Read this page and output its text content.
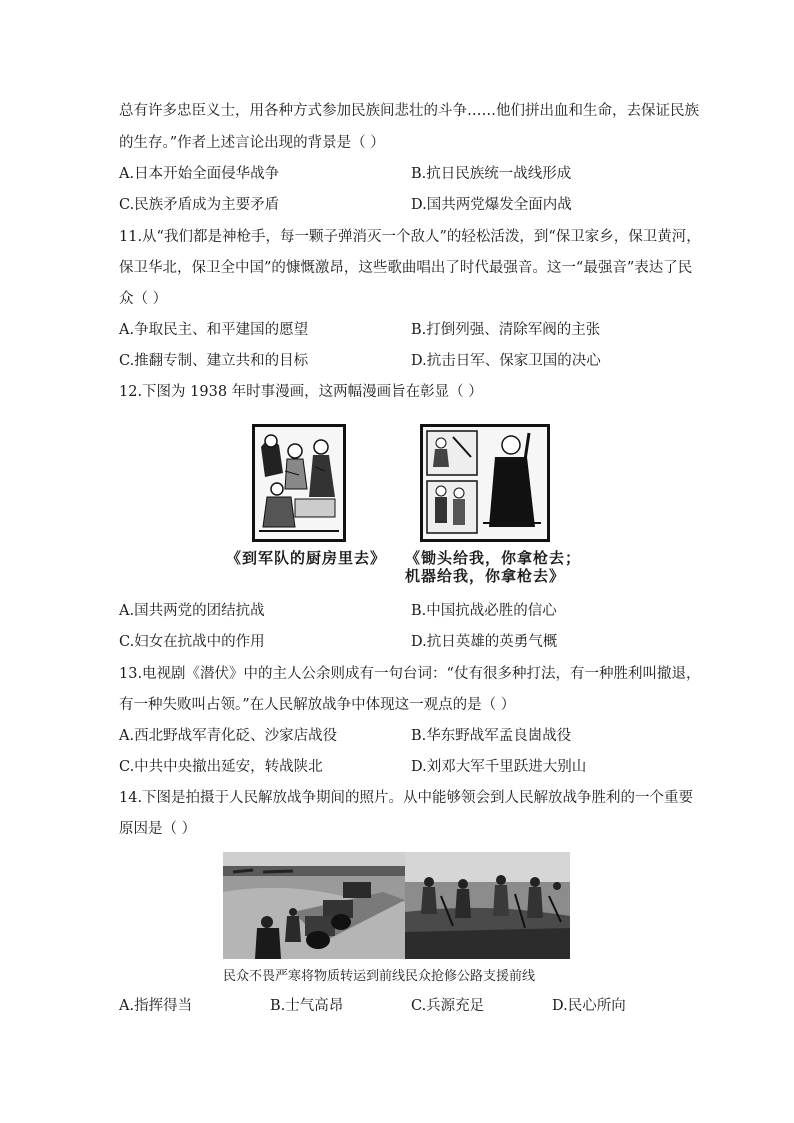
总有许多忠臣义士，用各种方式参加民族间悲壮的斗争……他们拼出血和生命，去保证民族
的生存。”作者上述言论出现的背景是（ ）
A.日本开始全面侵华战争	B.抗日民族统一战线形成
C.民族矛盾成为主要矛盾	D.国共两党爆发全面内战
11.从“我们都是神枪手，每一颗子弹消灭一个敌人”的轻松活泼，到“保卫家乡，保卫黄河，
保卫华北，保卫全中国”的慷慨激昂，这些歌曲唱出了时代最强音。这一“最强音”表达了民
众（ ）
A.争取民主、和平建国的愿望	B.打倒列强、清除军阀的主张
C.推翻专制、建立共和的目标	D.抗击日军、保家卫国的决心
12.下图为 1938 年时事漫画，这两幅漫画旨在彰显（ ）
《到军队的厨房里去》 《锄头给我，你拿枪去；
机器给我，你拿枪去》
A.国共两党的团结抗战	B.中国抗战必胜的信心
C.妇女在抗战中的作用	D.抗日英雄的英勇气概
13.电视剧《潜伏》中的主人公余则成有一句台词：“仗有很多种打法，有一种胜利叫撤退，
有一种失败叫占领。”在人民解放战争中体现这一观点的是（ ）
A.西北野战军青化砭、沙家店战役	B.华东野战军孟良崮战役
C.中共中央撤出延安，转战陕北	D.刘邓大军千里跃进大别山
14.下图是拍摄于人民解放战争期间的照片。从中能够领会到人民解放战争胜利的一个重要
原因是（ ）
民众不畏严寒将物质转运到前线民众抢修公路支援前线
A.指挥得当	B.士气高昂	C.兵源充足	D.民心所向
